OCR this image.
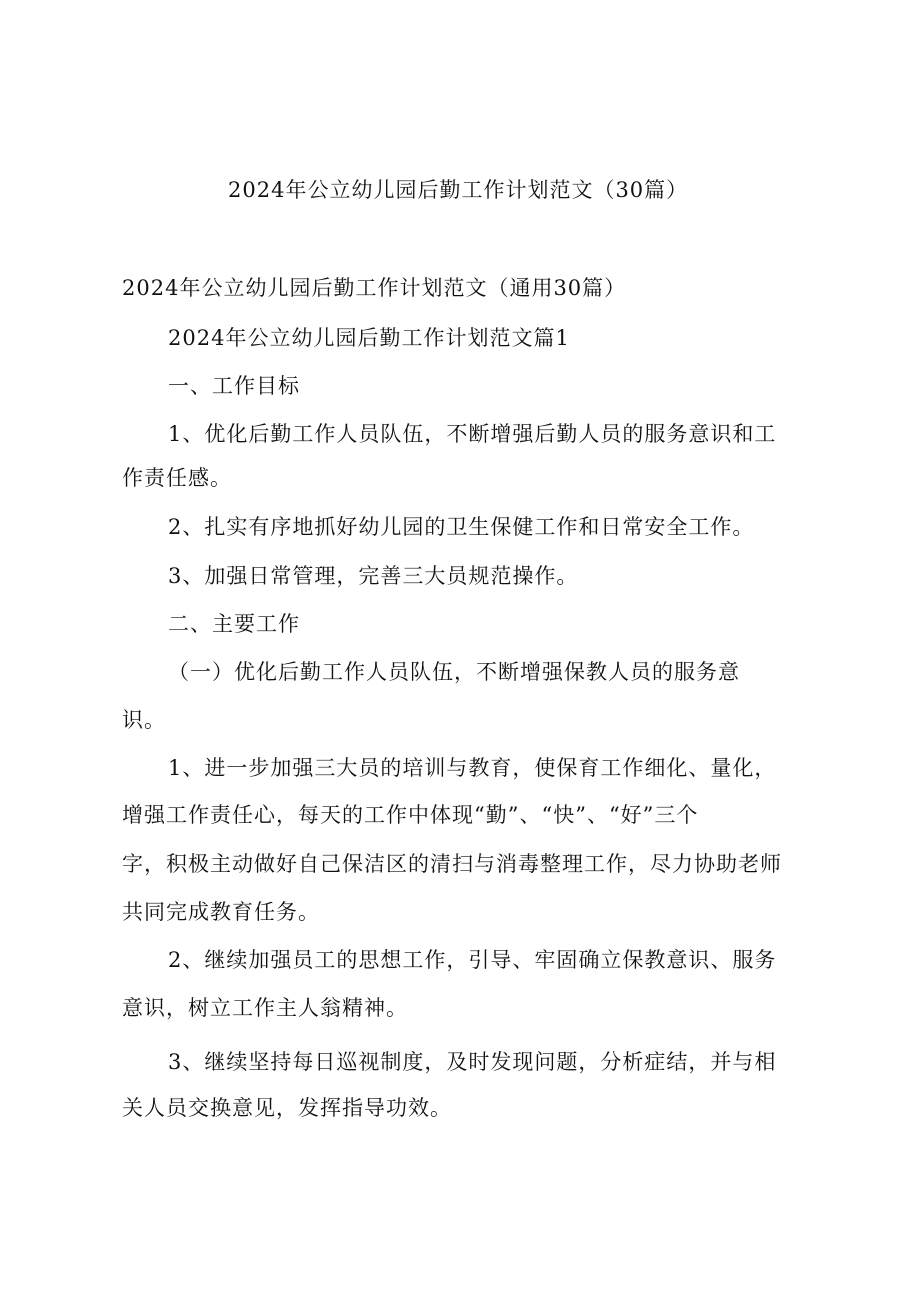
2024年公立幼儿园后勤工作计划范文（30篇）
2024年公立幼儿园后勤工作计划范文（通用30篇）
2024年公立幼儿园后勤工作计划范文篇1
一、工作目标
1、优化后勤工作人员队伍，不断增强后勤人员的服务意识和工
作责任感。
2、扎实有序地抓好幼儿园的卫生保健工作和日常安全工作。
3、加强日常管理，完善三大员规范操作。
二、主要工作
（一）优化后勤工作人员队伍，不断增强保教人员的服务意
识。
1、进一步加强三大员的培训与教育，使保育工作细化、量化，
增强工作责任心，每天的工作中体现“勤”、“快”、“好”三个
字，积极主动做好自己保洁区的清扫与消毒整理工作，尽力协助老师
共同完成教育任务。
2、继续加强员工的思想工作，引导、牢固确立保教意识、服务
意识，树立工作主人翁精神。
3、继续坚持每日巡视制度，及时发现问题，分析症结，并与相
关人员交换意见，发挥指导功效。
